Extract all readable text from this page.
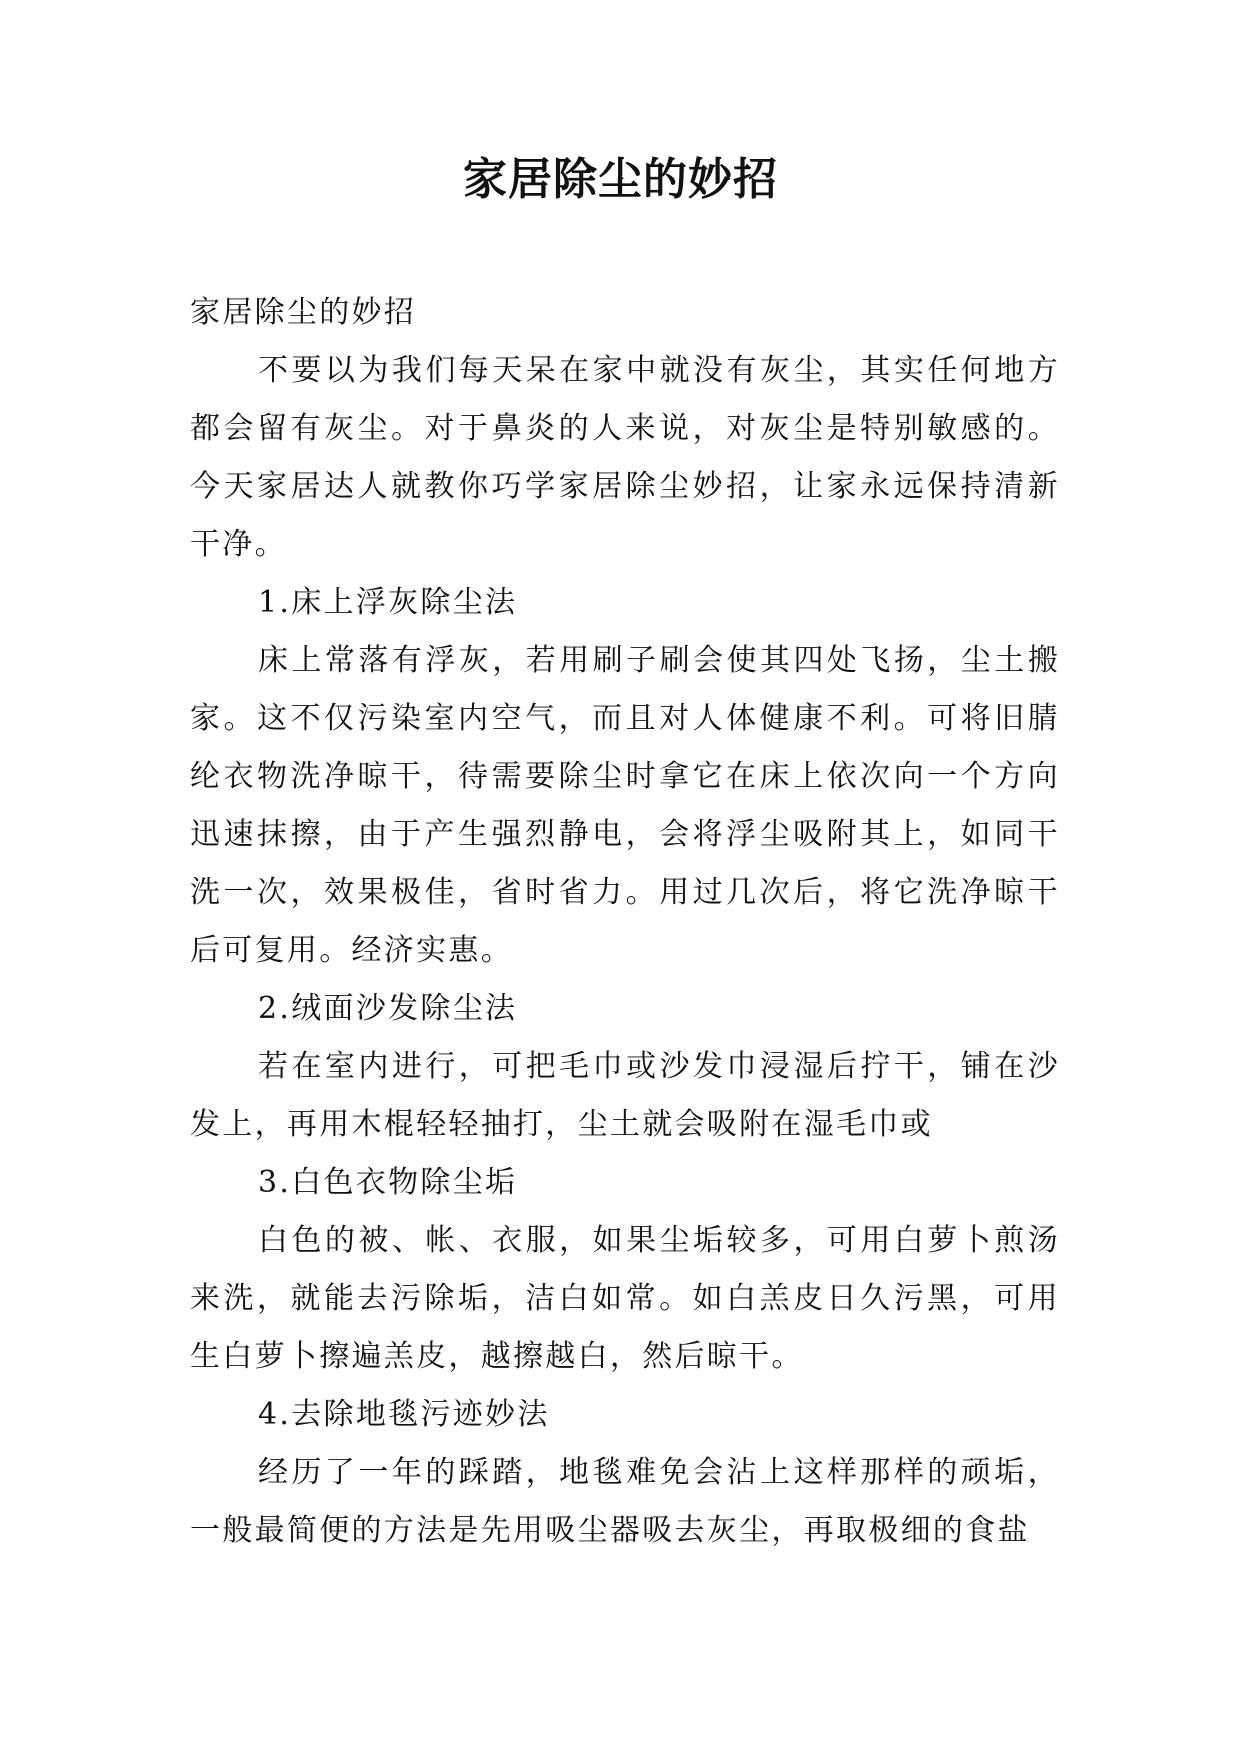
家居除尘的妙招

家居除尘的妙招

不要以为我们每天呆在家中就没有灰尘，其实任何地方都会留有灰尘。对于鼻炎的人来说，对灰尘是特别敏感的。今天家居达人就教你巧学家居除尘妙招，让家永远保持清新干净。

1.床上浮灰除尘法

床上常落有浮灰，若用刷子刷会使其四处飞扬，尘土搬家。这不仅污染室内空气，而且对人体健康不利。可将旧腈纶衣物洗净晾干，待需要除尘时拿它在床上依次向一个方向迅速抹擦，由于产生强烈静电，会将浮尘吸附其上，如同干洗一次，效果极佳，省时省力。用过几次后，将它洗净晾干后可复用。经济实惠。

2.绒面沙发除尘法

若在室内进行，可把毛巾或沙发巾浸湿后拧干，铺在沙发上，再用木棍轻轻抽打，尘土就会吸附在湿毛巾或

3.白色衣物除尘垢

白色的被、帐、衣服，如果尘垢较多，可用白萝卜煎汤来洗，就能去污除垢，洁白如常。如白羔皮日久污黑，可用生白萝卜擦遍羔皮，越擦越白，然后晾干。

4.去除地毯污迹妙法

经历了一年的踩踏，地毯难免会沾上这样那样的顽垢，一般最简便的方法是先用吸尘器吸去灰尘，再取极细的食盐
